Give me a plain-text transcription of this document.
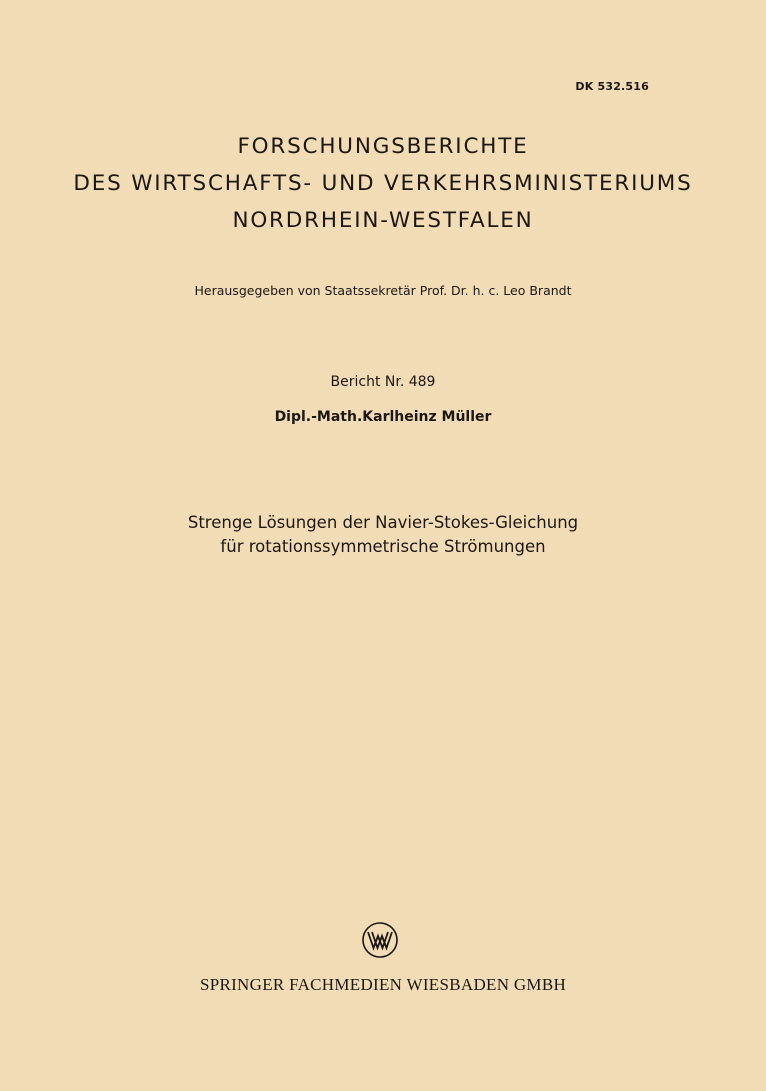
DK 532.516
FORSCHUNGSBERICHTE
DES WIRTSCHAFTS- UND VERKEHRSMINISTERIUMS
NORDRHEIN-WESTFALEN
Herausgegeben von Staatssekretär Prof. Dr. h. c. Leo Brandt
Bericht Nr. 489
Dipl.-Math.Karlheinz Müller
Strenge Lösungen der Navier-Stokes-Gleichung
für rotationssymmetrische Strömungen
SPRINGER FACHMEDIEN WIESBADEN GMBH
